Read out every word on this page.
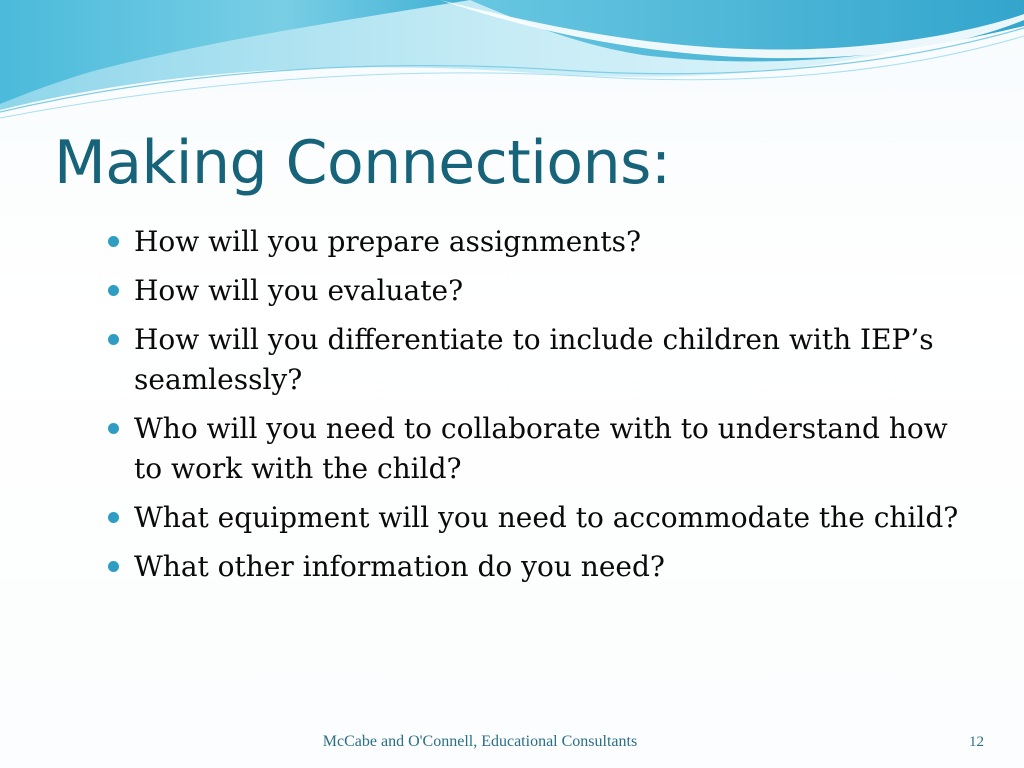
Making Connections:
How will you prepare assignments?
How will you evaluate?
How will you differentiate to include children with IEP’s seamlessly?
Who will you need to collaborate with to understand how to work with the child?
What equipment will you need to accommodate the child?
What other information do you need?
McCabe and O'Connell, Educational Consultants	12
